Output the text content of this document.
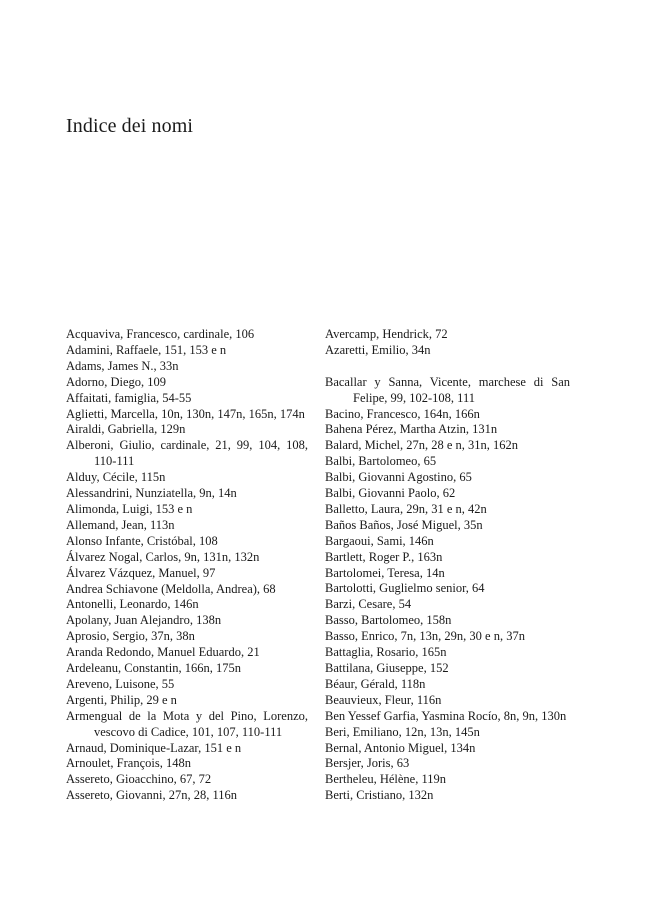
Indice dei nomi
Acquaviva, Francesco, cardinale, 106
Adamini, Raffaele, 151, 153 e n
Adams, James N., 33n
Adorno, Diego, 109
Affaitati, famiglia, 54-55
Aglietti, Marcella, 10n, 130n, 147n, 165n, 174n
Airaldi, Gabriella, 129n
Alberoni, Giulio, cardinale, 21, 99, 104, 108, 110-111
Alduy, Cécile, 115n
Alessandrini, Nunziatella, 9n, 14n
Alimonda, Luigi, 153 e n
Allemand, Jean, 113n
Alonso Infante, Cristóbal, 108
Álvarez Nogal, Carlos, 9n, 131n, 132n
Álvarez Vázquez, Manuel, 97
Andrea Schiavone (Meldolla, Andrea), 68
Antonelli, Leonardo, 146n
Apolany, Juan Alejandro, 138n
Aprosio, Sergio, 37n, 38n
Aranda Redondo, Manuel Eduardo, 21
Ardeleanu, Constantin, 166n, 175n
Areveno, Luisone, 55
Argenti, Philip, 29 e n
Armengual de la Mota y del Pino, Lorenzo, vescovo di Cadice, 101, 107, 110-111
Arnaud, Dominique-Lazar, 151 e n
Arnoulet, François, 148n
Assereto, Gioacchino, 67, 72
Assereto, Giovanni, 27n, 28, 116n
Avercamp, Hendrick, 72
Azaretti, Emilio, 34n
Bacallar y Sanna, Vicente, marchese di San Felipe, 99, 102-108, 111
Bacino, Francesco, 164n, 166n
Bahena Pérez, Martha Atzin, 131n
Balard, Michel, 27n, 28 e n, 31n, 162n
Balbi, Bartolomeo, 65
Balbi, Giovanni Agostino, 65
Balbi, Giovanni Paolo, 62
Balletto, Laura, 29n, 31 e n, 42n
Baños Baños, José Miguel, 35n
Bargaoui, Sami, 146n
Bartlett, Roger P., 163n
Bartolomei, Teresa, 14n
Bartolotti, Guglielmo senior, 64
Barzi, Cesare, 54
Basso, Bartolomeo, 158n
Basso, Enrico, 7n, 13n, 29n, 30 e n, 37n
Battaglia, Rosario, 165n
Battilana, Giuseppe, 152
Béaur, Gérald, 118n
Beauvieux, Fleur, 116n
Ben Yessef Garfia, Yasmina Rocío, 8n, 9n, 130n
Beri, Emiliano, 12n, 13n, 145n
Bernal, Antonio Miguel, 134n
Bersjer, Joris, 63
Bertheleu, Hélène, 119n
Berti, Cristiano, 132n
